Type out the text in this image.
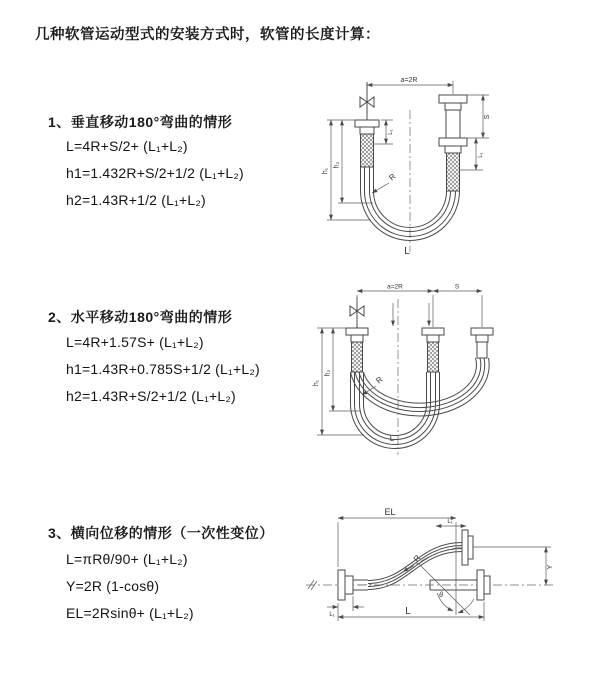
几种软管运动型式的安装方式时，软管的长度计算：
1、垂直移动180°弯曲的情形
L=4R+S/2+ (L₁+L₂)
h1=1.432R+S/2+1/2 (L₁+L₂)
h2=1.43R+1/2 (L₁+L₂)
a=2R
S
L₁
h₁
h₂
L₁
R
L
2、水平移动180°弯曲的情形
L=4R+1.57S+ (L₁+L₂)
h1=1.43R+0.785S+1/2 (L₁+L₂)
h2=1.43R+S/2+1/2 (L₁+L₂)
a=2R	S
h₁
h₂
R
L
3、横向位移的情形（一次性变位）
L=πRθ/90+ (L₁+L₂)
Y=2R (1-cosθ)
EL=2Rsinθ+ (L₁+L₂)
EL
L₁
Y
θ
R
L₁	L
